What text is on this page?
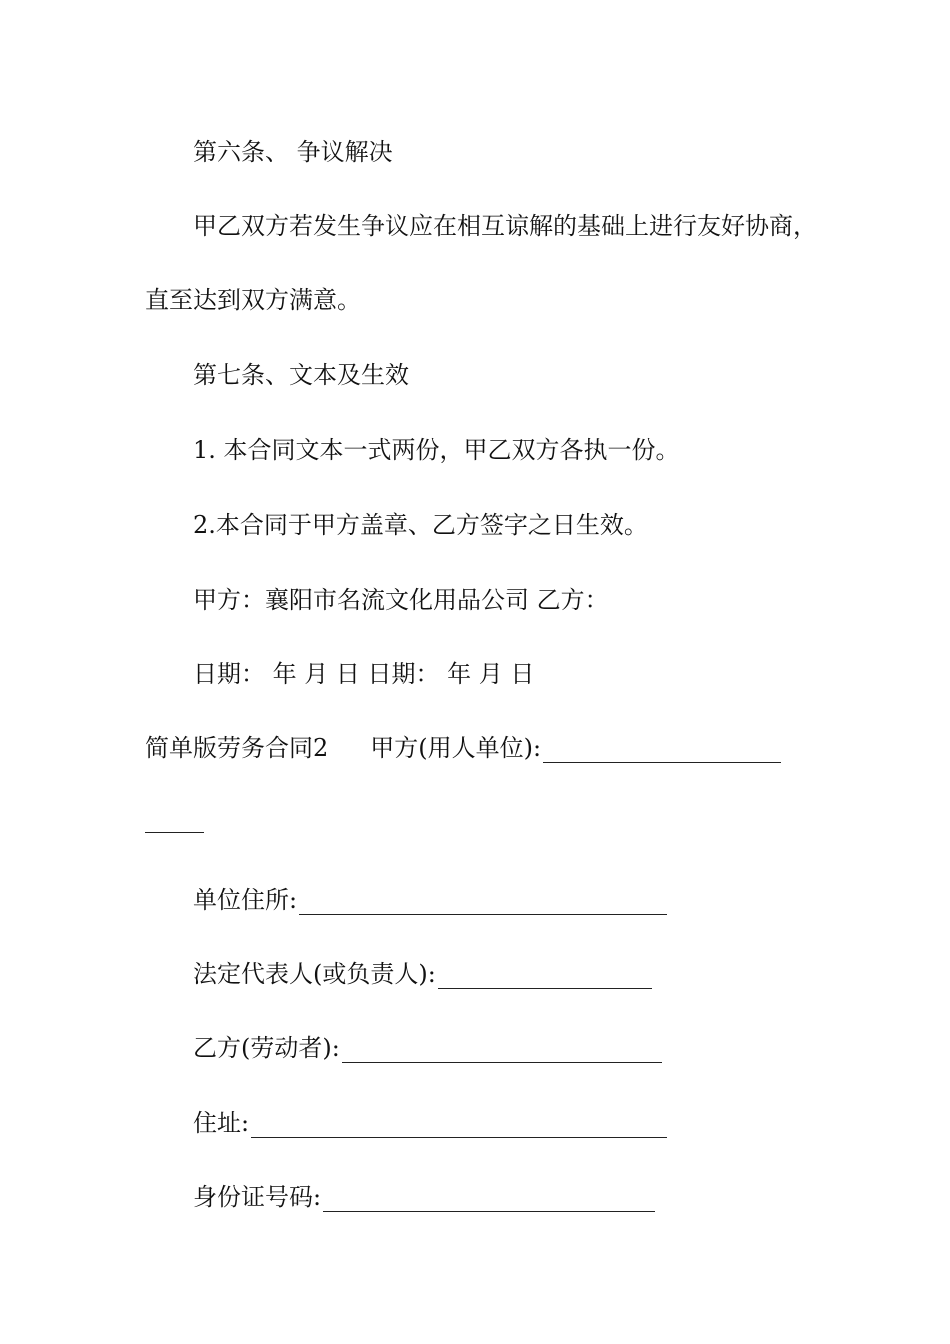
第六条、 争议解决
甲乙双方若发生争议应在相互谅解的基础上进行友好协商，
直至达到双方满意。
第七条、文本及生效
1. 本合同文本一式两份，甲乙双方各执一份。
2.本合同于甲方盖章、乙方签字之日生效。
甲方：襄阳市名流文化用品公司 乙方：
日期： 年 月 日 日期： 年 月 日
简单版劳务合同2 甲方(用人单位):
单位住所:
法定代表人(或负责人):
乙方(劳动者):
住址:
身份证号码:
